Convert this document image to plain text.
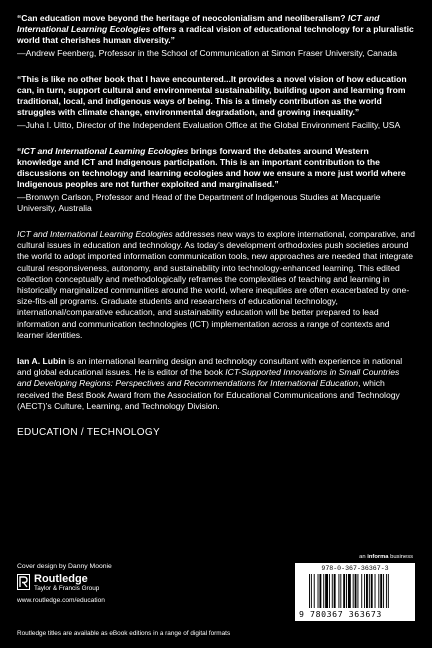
“Can education move beyond the heritage of neocolonialism and neoliberalism? ICT and International Learning Ecologies offers a radical vision of educational technology for a pluralistic world that cherishes human diversity.”

—Andrew Feenberg, Professor in the School of Communication at Simon Fraser University, Canada

“This is like no other book that I have encountered...It provides a novel vision of how education can, in turn, support cultural and environmental sustainability, building upon and learning from traditional, local, and indigenous ways of being. This is a timely contribution as the world struggles with climate change, environmental degradation, and growing inequality.”

—Juha I. Uitto, Director of the Independent Evaluation Office at the Global Environment Facility, USA

“ICT and International Learning Ecologies brings forward the debates around Western knowledge and ICT and Indigenous participation. This is an important contribution to the discussions on technology and learning ecologies and how we ensure a more just world where Indigenous peoples are not further exploited and marginalised.”

—Bronwyn Carlson, Professor and Head of the Department of Indigenous Studies at Macquarie University, Australia

ICT and International Learning Ecologies addresses new ways to explore international, comparative, and cultural issues in education and technology. As today’s development orthodoxies push societies around the world to adopt imported information communication tools, new approaches are needed that integrate cultural responsiveness, autonomy, and sustainability into technology-enhanced learning. This edited collection conceptually and methodologically reframes the complexities of teaching and learning in historically marginalized communities around the world, where inequities are often exacerbated by one-size-fits-all programs. Graduate students and researchers of educational technology, international/comparative education, and sustainability education will be better prepared to lead information and communication technologies (ICT) implementation across a range of contexts and learner identities.

Ian A. Lubin is an international learning design and technology consultant with experience in national and global educational issues. He is editor of the book ICT-Supported Innovations in Small Countries and Developing Regions: Perspectives and Recommendations for International Education, which received the Best Book Award from the Association for Educational Communications and Technology (AECT)’s Culture, Learning, and Technology Division.

EDUCATION / TECHNOLOGY

Cover design by Danny Moonie
Routledge
Taylor & Francis Group
www.routledge.com/education
Routledge titles are available as eBook editions in a range of digital formats
an informa business
978-0-367-36367-3
9 780367 363673
